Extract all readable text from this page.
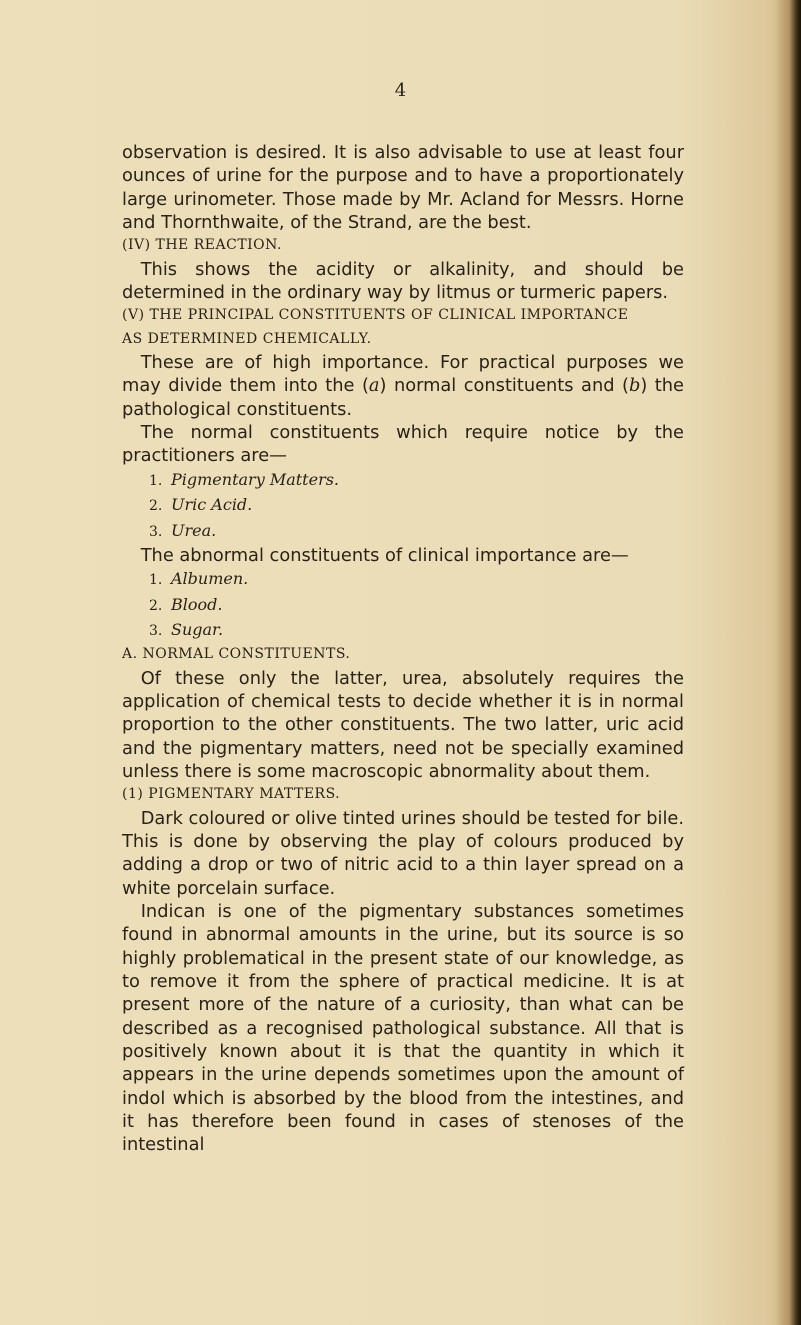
4

observation is desired. It is also advisable to use at least four ounces of urine for the purpose and to have a proportionately large urinometer. Those made by Mr. Acland for Messrs. Horne and Thornthwaite, of the Strand, are the best.

(IV) THE REACTION.

This shows the acidity or alkalinity, and should be determined in the ordinary way by litmus or turmeric papers.

(V) THE PRINCIPAL CONSTITUENTS OF CLINICAL IMPORTANCE
AS DETERMINED CHEMICALLY.

These are of high importance. For practical purposes we may divide them into the (a) normal constituents and (b) the pathological constituents.

The normal constituents which require notice by the practitioners are—

1. Pigmentary Matters.

2. Uric Acid.

3. Urea.

The abnormal constituents of clinical importance are—

1. Albumen.

2. Blood.

3. Sugar.

A. NORMAL CONSTITUENTS.

Of these only the latter, urea, absolutely requires the application of chemical tests to decide whether it is in normal proportion to the other constituents. The two latter, uric acid and the pigmentary matters, need not be specially examined unless there is some macroscopic abnormality about them.

(1) PIGMENTARY MATTERS.

Dark coloured or olive tinted urines should be tested for bile. This is done by observing the play of colours produced by adding a drop or two of nitric acid to a thin layer spread on a white porcelain surface.

Indican is one of the pigmentary substances sometimes found in abnormal amounts in the urine, but its source is so highly problematical in the present state of our knowledge, as to remove it from the sphere of practical medicine. It is at present more of the nature of a curiosity, than what can be described as a recognised pathological substance. All that is positively known about it is that the quantity in which it appears in the urine depends sometimes upon the amount of indol which is absorbed by the blood from the intestines, and it has therefore been found in cases of stenoses of the intestinal
